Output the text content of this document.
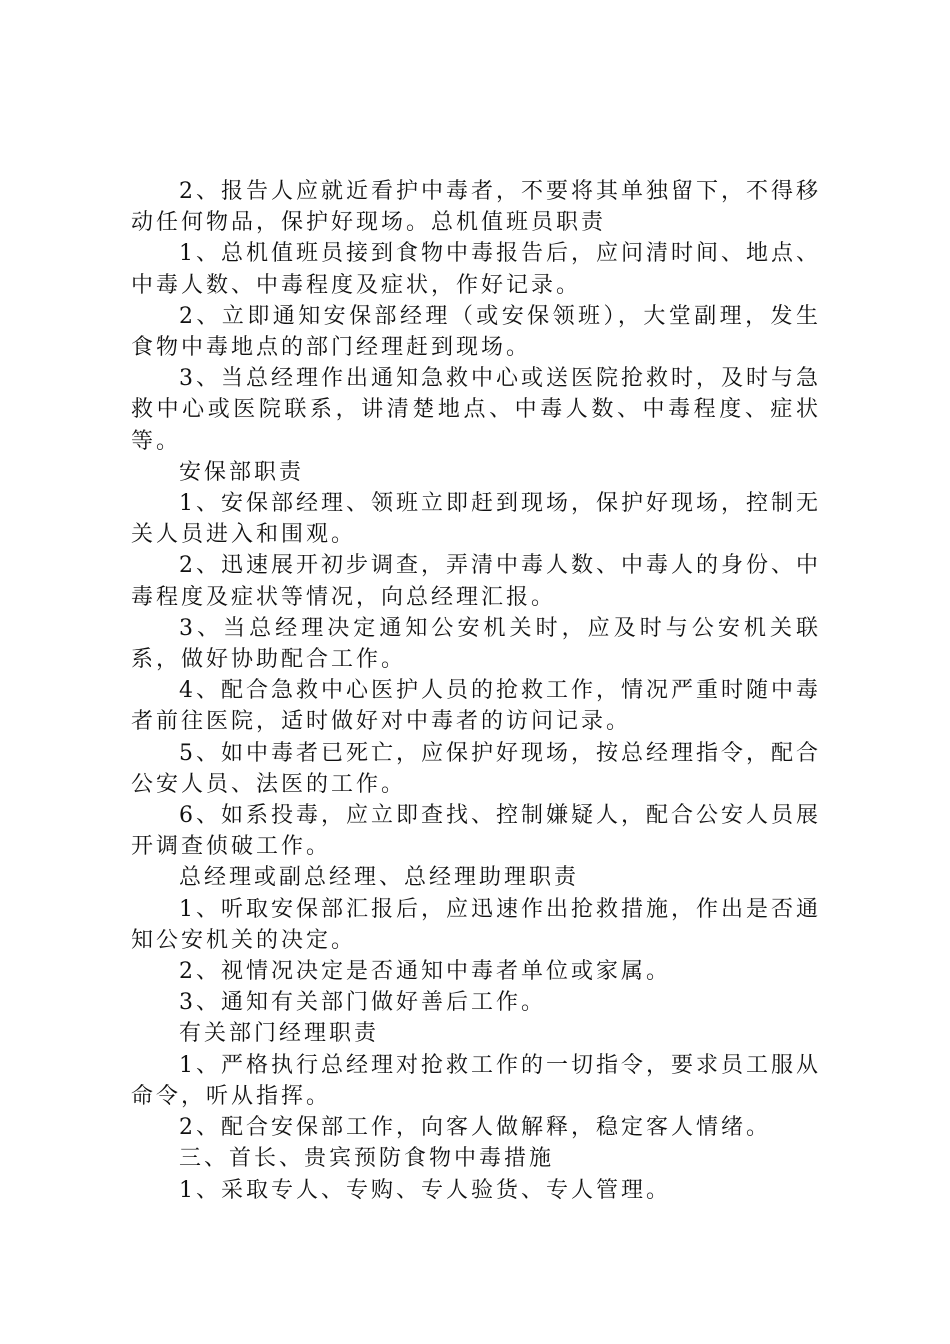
2、报告人应就近看护中毒者，不要将其单独留下，不得移动任何物品，保护好现场。总机值班员职责

1、总机值班员接到食物中毒报告后，应问清时间、地点、中毒人数、中毒程度及症状，作好记录。

2、立即通知安保部经理（或安保领班），大堂副理，发生食物中毒地点的部门经理赶到现场。

3、当总经理作出通知急救中心或送医院抢救时，及时与急救中心或医院联系，讲清楚地点、中毒人数、中毒程度、症状等。

安保部职责

1、安保部经理、领班立即赶到现场，保护好现场，控制无关人员进入和围观。

2、迅速展开初步调查，弄清中毒人数、中毒人的身份、中毒程度及症状等情况，向总经理汇报。

3、当总经理决定通知公安机关时，应及时与公安机关联系，做好协助配合工作。

4、配合急救中心医护人员的抢救工作，情况严重时随中毒者前往医院，适时做好对中毒者的访问记录。

5、如中毒者已死亡，应保护好现场，按总经理指令，配合公安人员、法医的工作。

6、如系投毒，应立即查找、控制嫌疑人，配合公安人员展开调查侦破工作。

总经理或副总经理、总经理助理职责

1、听取安保部汇报后，应迅速作出抢救措施，作出是否通知公安机关的决定。

2、视情况决定是否通知中毒者单位或家属。

3、通知有关部门做好善后工作。

有关部门经理职责

1、严格执行总经理对抢救工作的一切指令，要求员工服从命令，听从指挥。

2、配合安保部工作，向客人做解释，稳定客人情绪。

三、首长、贵宾预防食物中毒措施

1、采取专人、专购、专人验货、专人管理。
